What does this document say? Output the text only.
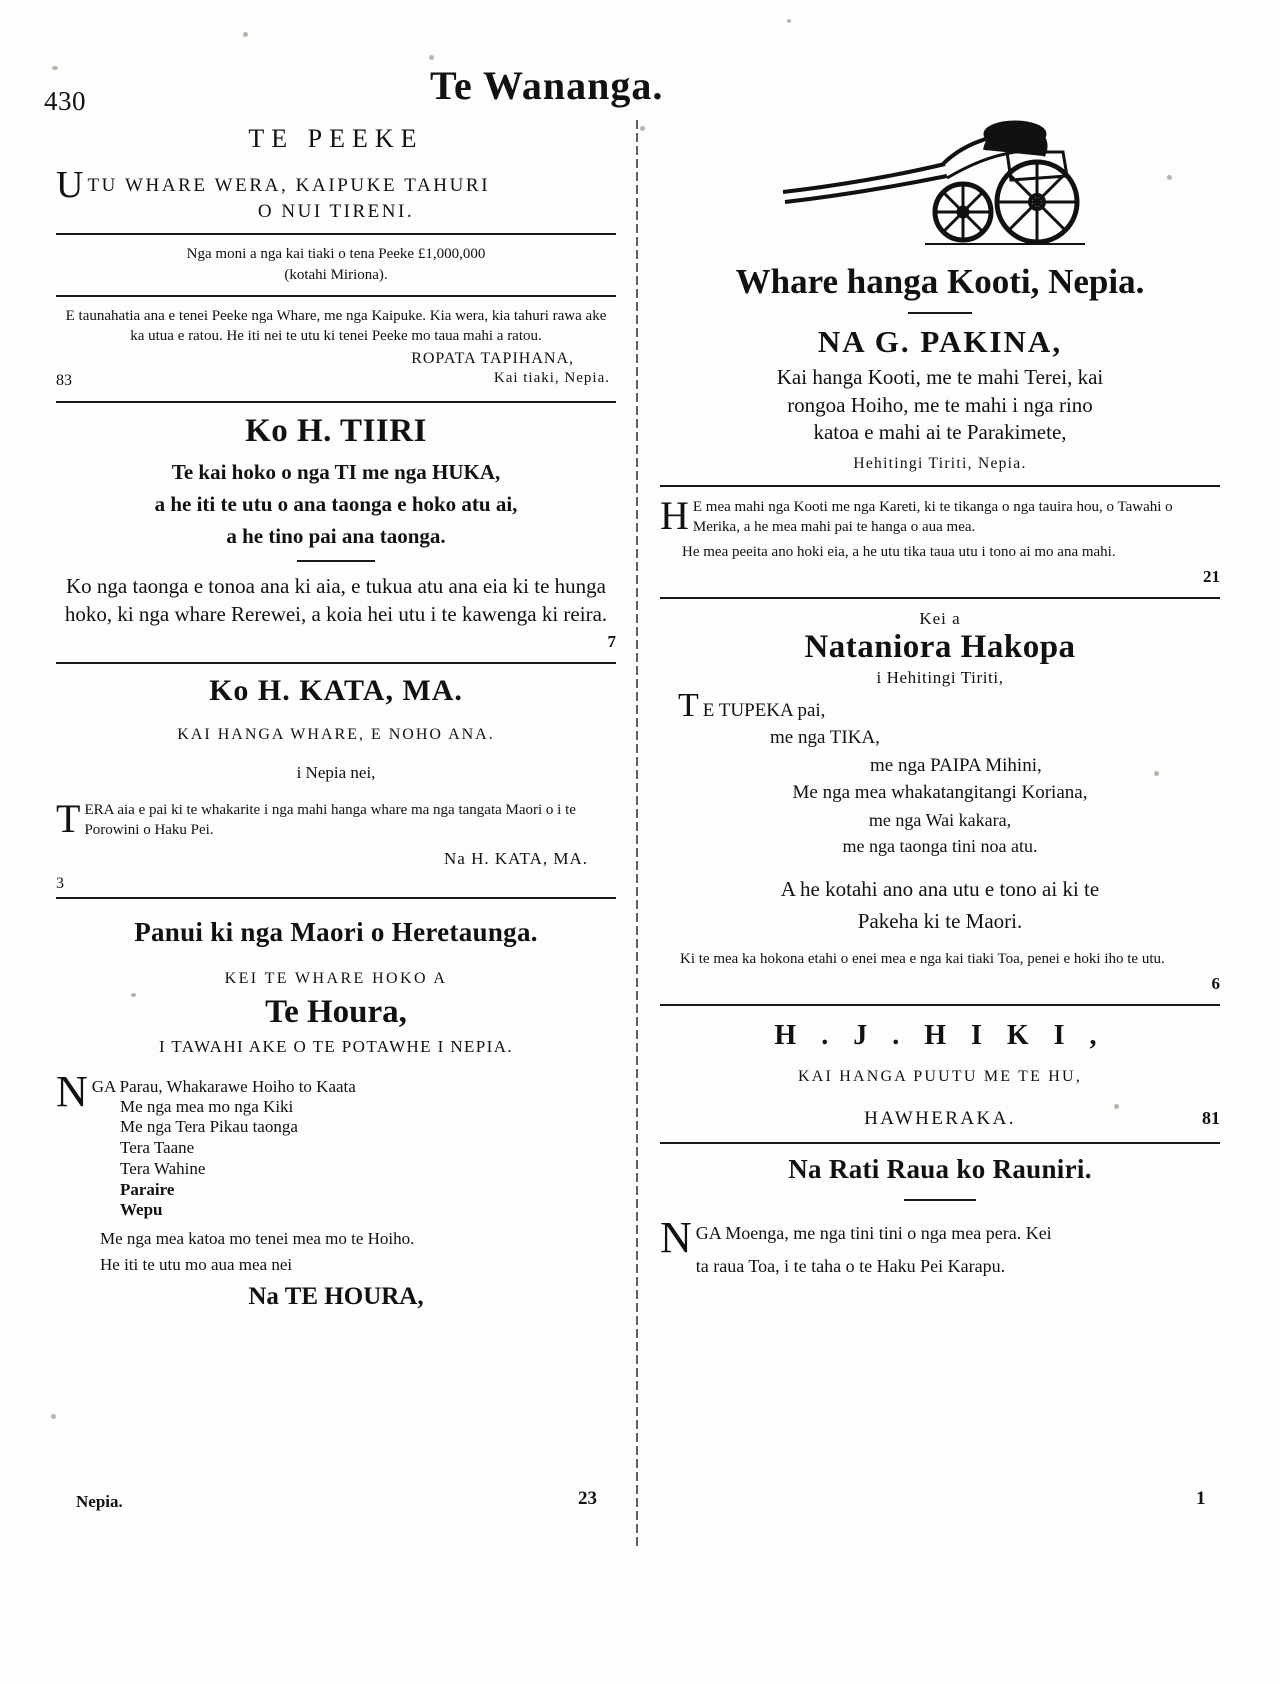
430	Te Wananga.
TE PEEKE
UTU WHARE WERA, KAIPUKE TAHURI
O NUI TIRENI.
Nga moni a nga kai tiaki o tena Peeke £1,000,000
(kotahi Miriona).
E taunahatia ana e tenei Peeke nga Whare, me nga Kaipuke. Kia wera, kia tahuri rawa ake ka utua e ratou. He iti nei te utu ki tenei Peeke mo taua mahi a ratou.
ROPATA TAPIHANA,
83	Kai tiaki, Nepia.
Ko H. TIIRI
Te kai hoko o nga TI me nga HUKA,
a he iti te utu o ana taonga e hoko atu ai,
a he tino pai ana taonga.
Ko nga taonga e tonoa ana ki aia, e tukua atu ana eia ki te hunga hoko, ki nga whare Rerewei, a koia hei utu i te kawenga ki reira.
7
Ko H. KATA, MA.
KAI HANGA WHARE, E NOHO ANA.
i Nepia nei,
T ERA aia e pai ki te whakarite i nga mahi hanga whare ma nga tangata Maori o i te Porowini o Haku Pei.
Na H. KATA, MA.
3
Panui ki nga Maori o Heretaunga.
KEI TE WHARE HOKO A
Te Houra,
I TAWAHI AKE O TE POTAWHE I NEPIA.
N GA Parau, Whakarawe Hoiho to Kaata
Me nga mea mo nga Kiki
Me nga Tera Pikau taonga
Tera Taane
Tera Wahine
Paraire
Wepu
Me nga mea katoa mo tenei mea mo te Hoiho.
He iti te utu mo aua mea nei
Na TE HOURA,
Whare hanga Kooti, Nepia.
NA G. PAKINA,
Kai hanga Kooti, me te mahi Terei, kai
rongoa Hoiho, me te mahi i nga rino
katoa e mahi ai te Parakimete,
Hehitingi Tiriti, Nepia.
H E mea mahi nga Kooti me nga Kareti, ki te tikanga o nga tauira hou, o Tawahi o Merika, a he mea mahi pai te hanga o aua mea.
He mea peeita ano hoki eia, a he utu tika taua utu i tono ai mo ana mahi.
21
Kei a
Nataniora Hakopa
i Hehitingi Tiriti,
T E TUPEKA pai,
me nga TIKA,
me nga PAIPA Mihini,
Me nga mea whakatangitangi Koriana,
me nga Wai kakara,
me nga taonga tini noa atu.
A he kotahi ano ana utu e tono ai ki te
Pakeha ki te Maori.
Ki te mea ka hokona etahi o enei mea e nga kai tiaki Toa, penei e hoki iho te utu.
6
H . J . H I K I ,
KAI HANGA PUUTU ME TE HU,
HAWHERAKA.	81
Na Rati Raua ko Rauniri.
N GA Moenga, me nga tini tini o nga mea pera. Kei
ta raua Toa, i te taha o te Haku Pei Karapu.
Nepia.	23	1
